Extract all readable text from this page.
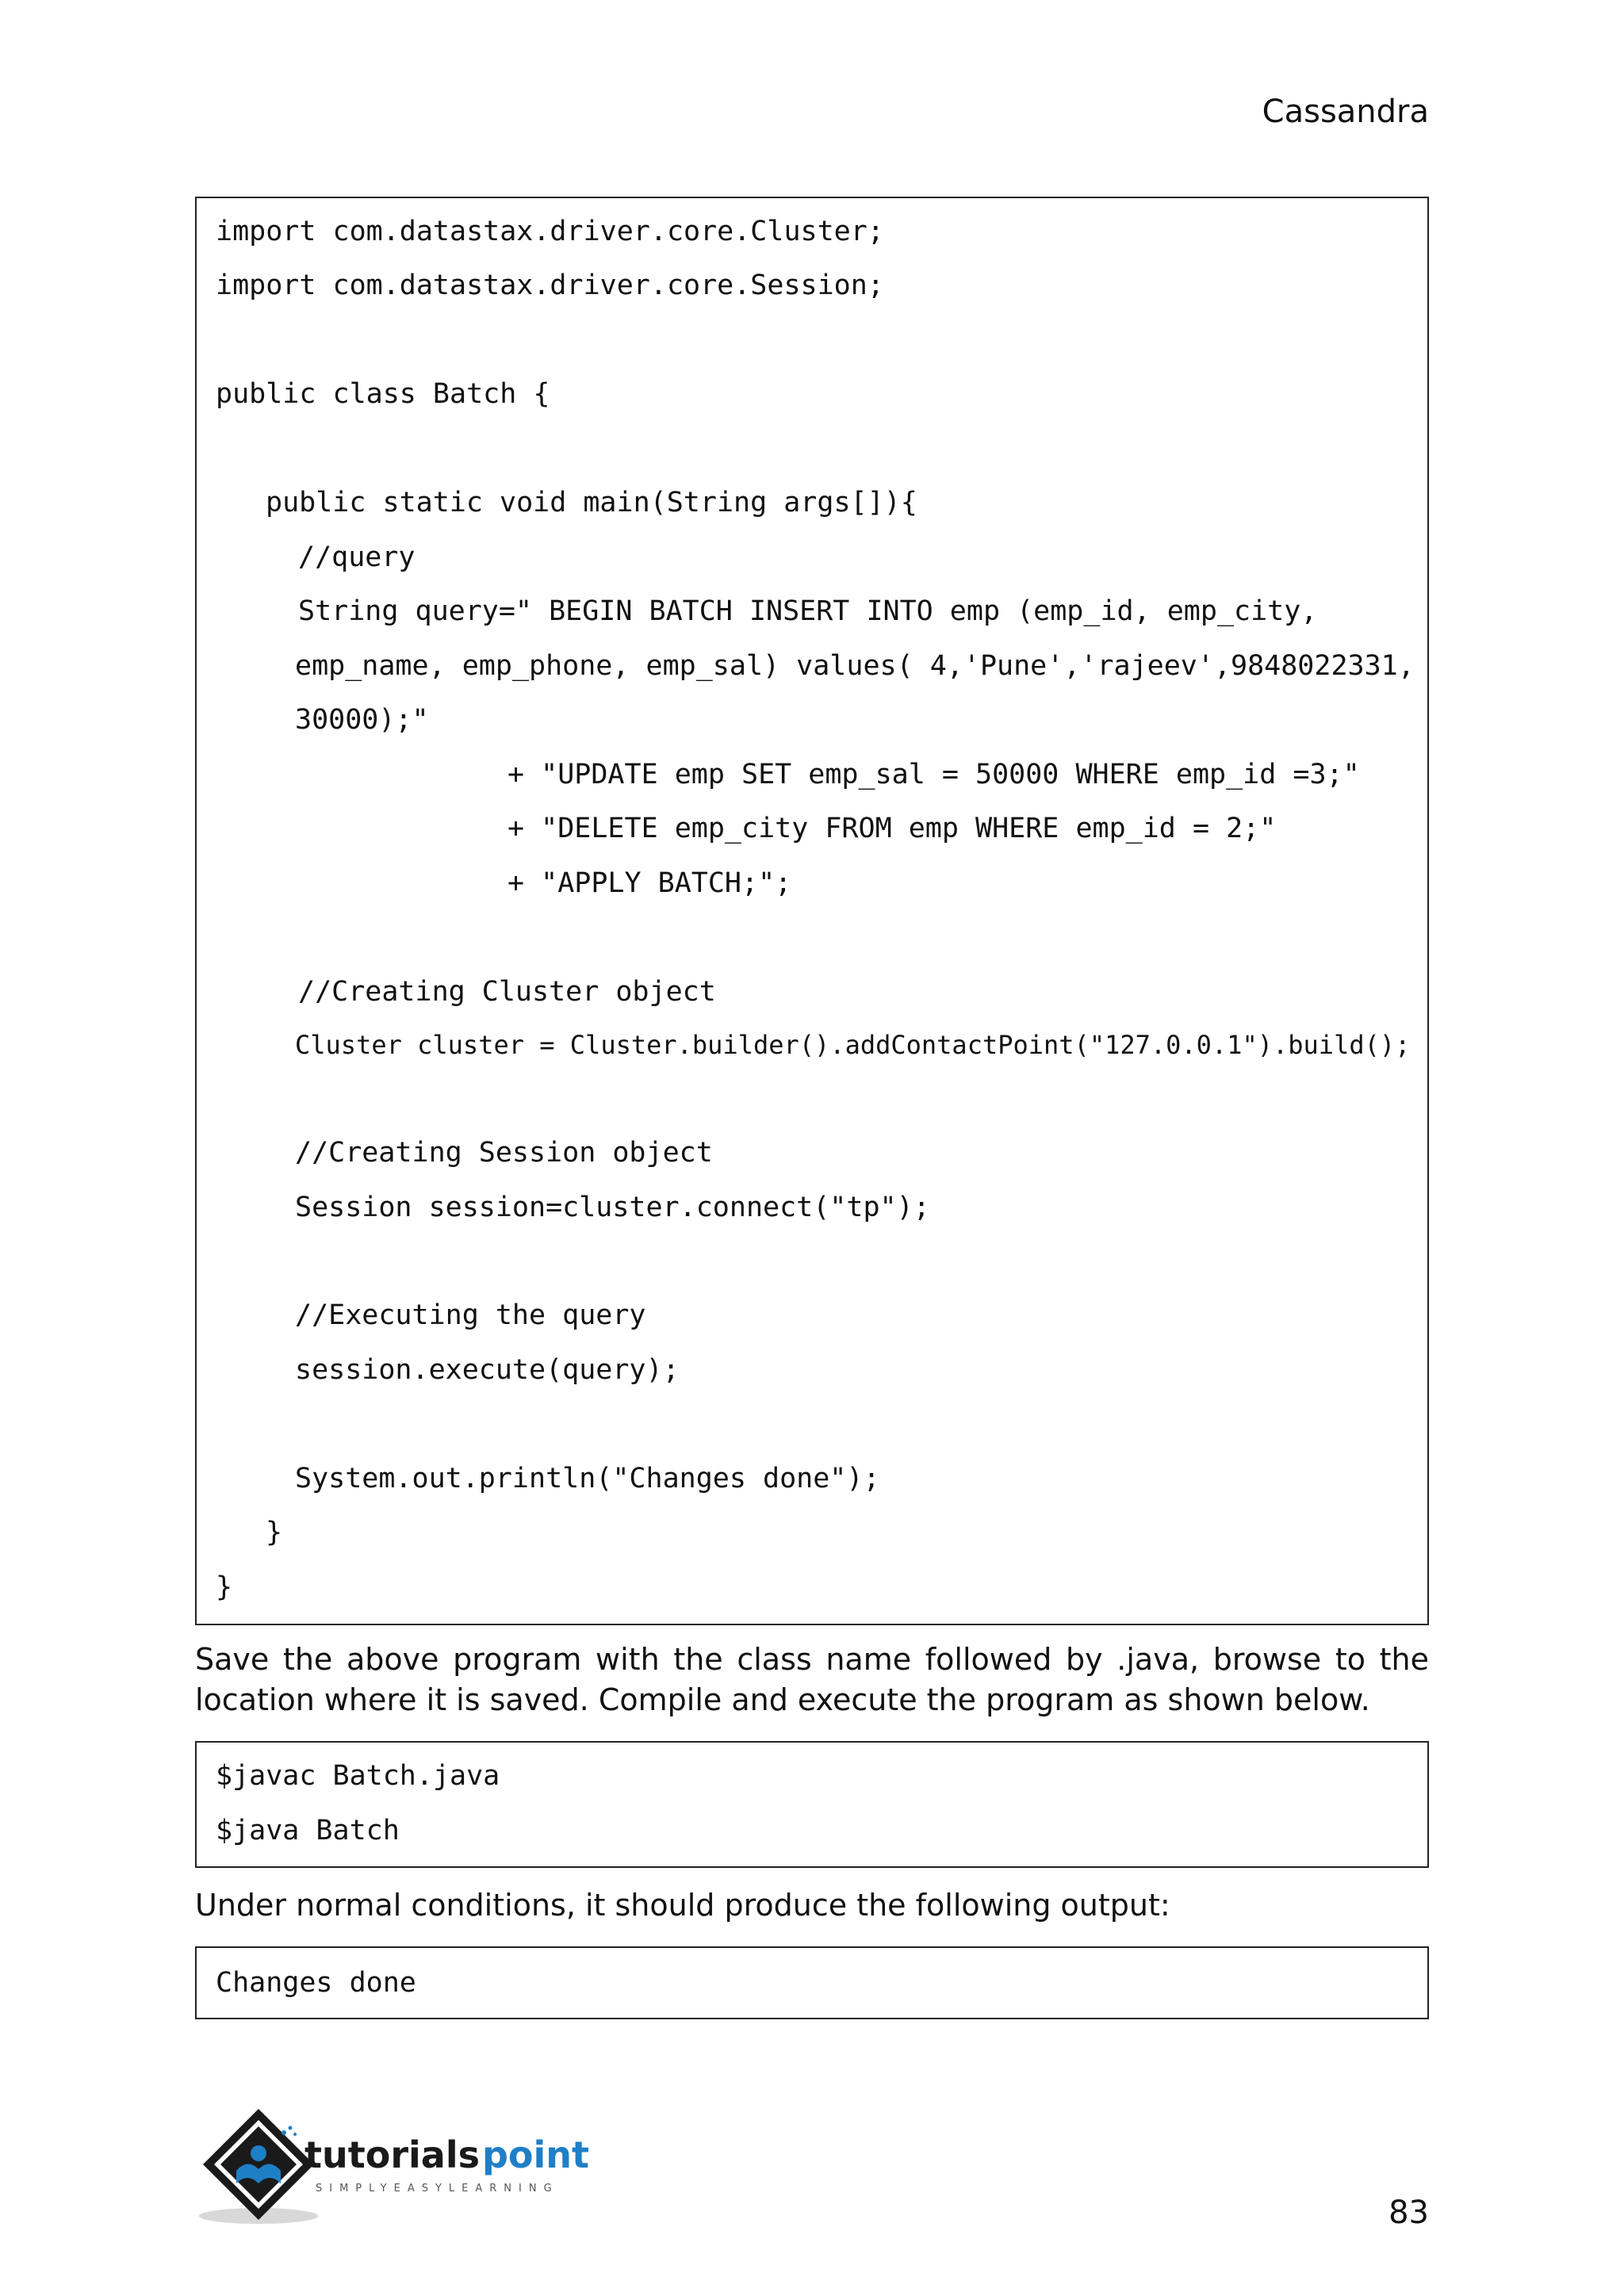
Cassandra
import com.datastax.driver.core.Cluster;
import com.datastax.driver.core.Session;
public class Batch {
public static void main(String args[]){
//query
String query=" BEGIN BATCH INSERT INTO emp (emp_id, emp_city,
emp_name, emp_phone, emp_sal) values( 4,'Pune','rajeev',9848022331,
30000);"
+ "UPDATE emp SET emp_sal = 50000 WHERE emp_id =3;"
+ "DELETE emp_city FROM emp WHERE emp_id = 2;"
+ "APPLY BATCH;";
//Creating Cluster object
Cluster cluster = Cluster.builder().addContactPoint("127.0.0.1").build();
//Creating Session object
Session session=cluster.connect("tp");
//Executing the query
session.execute(query);
System.out.println("Changes done");
}
}
Save the above program with the class name followed by .java, browse to the location where it is saved. Compile and execute the program as shown below.
$javac Batch.java
$java Batch
Under normal conditions, it should produce the following output:
Changes done
tutorials point
SIMPLYEASYLEARNING
83
